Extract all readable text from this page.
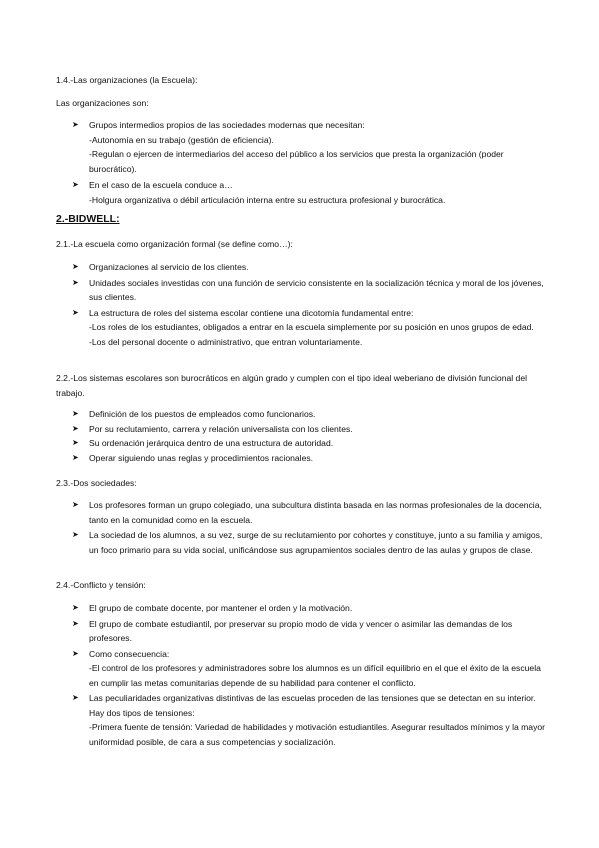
1.4.-Las organizaciones (la Escuela):
Las organizaciones son:
➤ Grupos intermedios propios de las sociedades modernas que necesitan:
-Autonomía en su trabajo (gestión de eficiencia).
-Regulan o ejercen de intermediarios del acceso del público a los servicios que presta la organización (poder burocrático).
➤ En el caso de la escuela conduce a…
-Holgura organizativa o débil articulación interna entre su estructura profesional y burocrática.
2.-BIDWELL:
2.1.-La escuela como organización formal (se define como…):
➤ Organizaciones al servicio de los clientes.
➤ Unidades sociales investidas con una función de servicio consistente en la socialización técnica y moral de los jóvenes, sus clientes.
➤ La estructura de roles del sistema escolar contiene una dicotomía fundamental entre:
-Los roles de los estudiantes, obligados a entrar en la escuela simplemente por su posición en unos grupos de edad.
-Los del personal docente o administrativo, que entran voluntariamente.
2.2.-Los sistemas escolares son burocráticos en algún grado y cumplen con el tipo ideal weberiano de división funcional del trabajo.
➤ Definición de los puestos de empleados como funcionarios.
➤ Por su reclutamiento, carrera y relación universalista con los clientes.
➤ Su ordenación jerárquica dentro de una estructura de autoridad.
➤ Operar siguiendo unas reglas y procedimientos racionales.
2.3.-Dos sociedades:
➤ Los profesores forman un grupo colegiado, una subcultura distinta basada en las normas profesionales de la docencia, tanto en la comunidad como en la escuela.
➤ La sociedad de los alumnos, a su vez, surge de su reclutamiento por cohortes y constituye, junto a su familia y amigos, un foco primario para su vida social, unificándose sus agrupamientos sociales dentro de las aulas y grupos de clase.
2.4.-Conflicto y tensión:
➤ El grupo de combate docente, por mantener el orden y la motivación.
➤ El grupo de combate estudiantil, por preservar su propio modo de vida y vencer o asimilar las demandas de los profesores.
➤ Como consecuencia:
-El control de los profesores y administradores sobre los alumnos es un difícil equilibrio en el que el éxito de la escuela en cumplir las metas comunitarias depende de su habilidad para contener el conflicto.
➤ Las peculiaridades organizativas distintivas de las escuelas proceden de las tensiones que se detectan en su interior. Hay dos tipos de tensiones:
-Primera fuente de tensión: Variedad de habilidades y motivación estudiantiles. Asegurar resultados mínimos y la mayor uniformidad posible, de cara a sus competencias y socialización.
